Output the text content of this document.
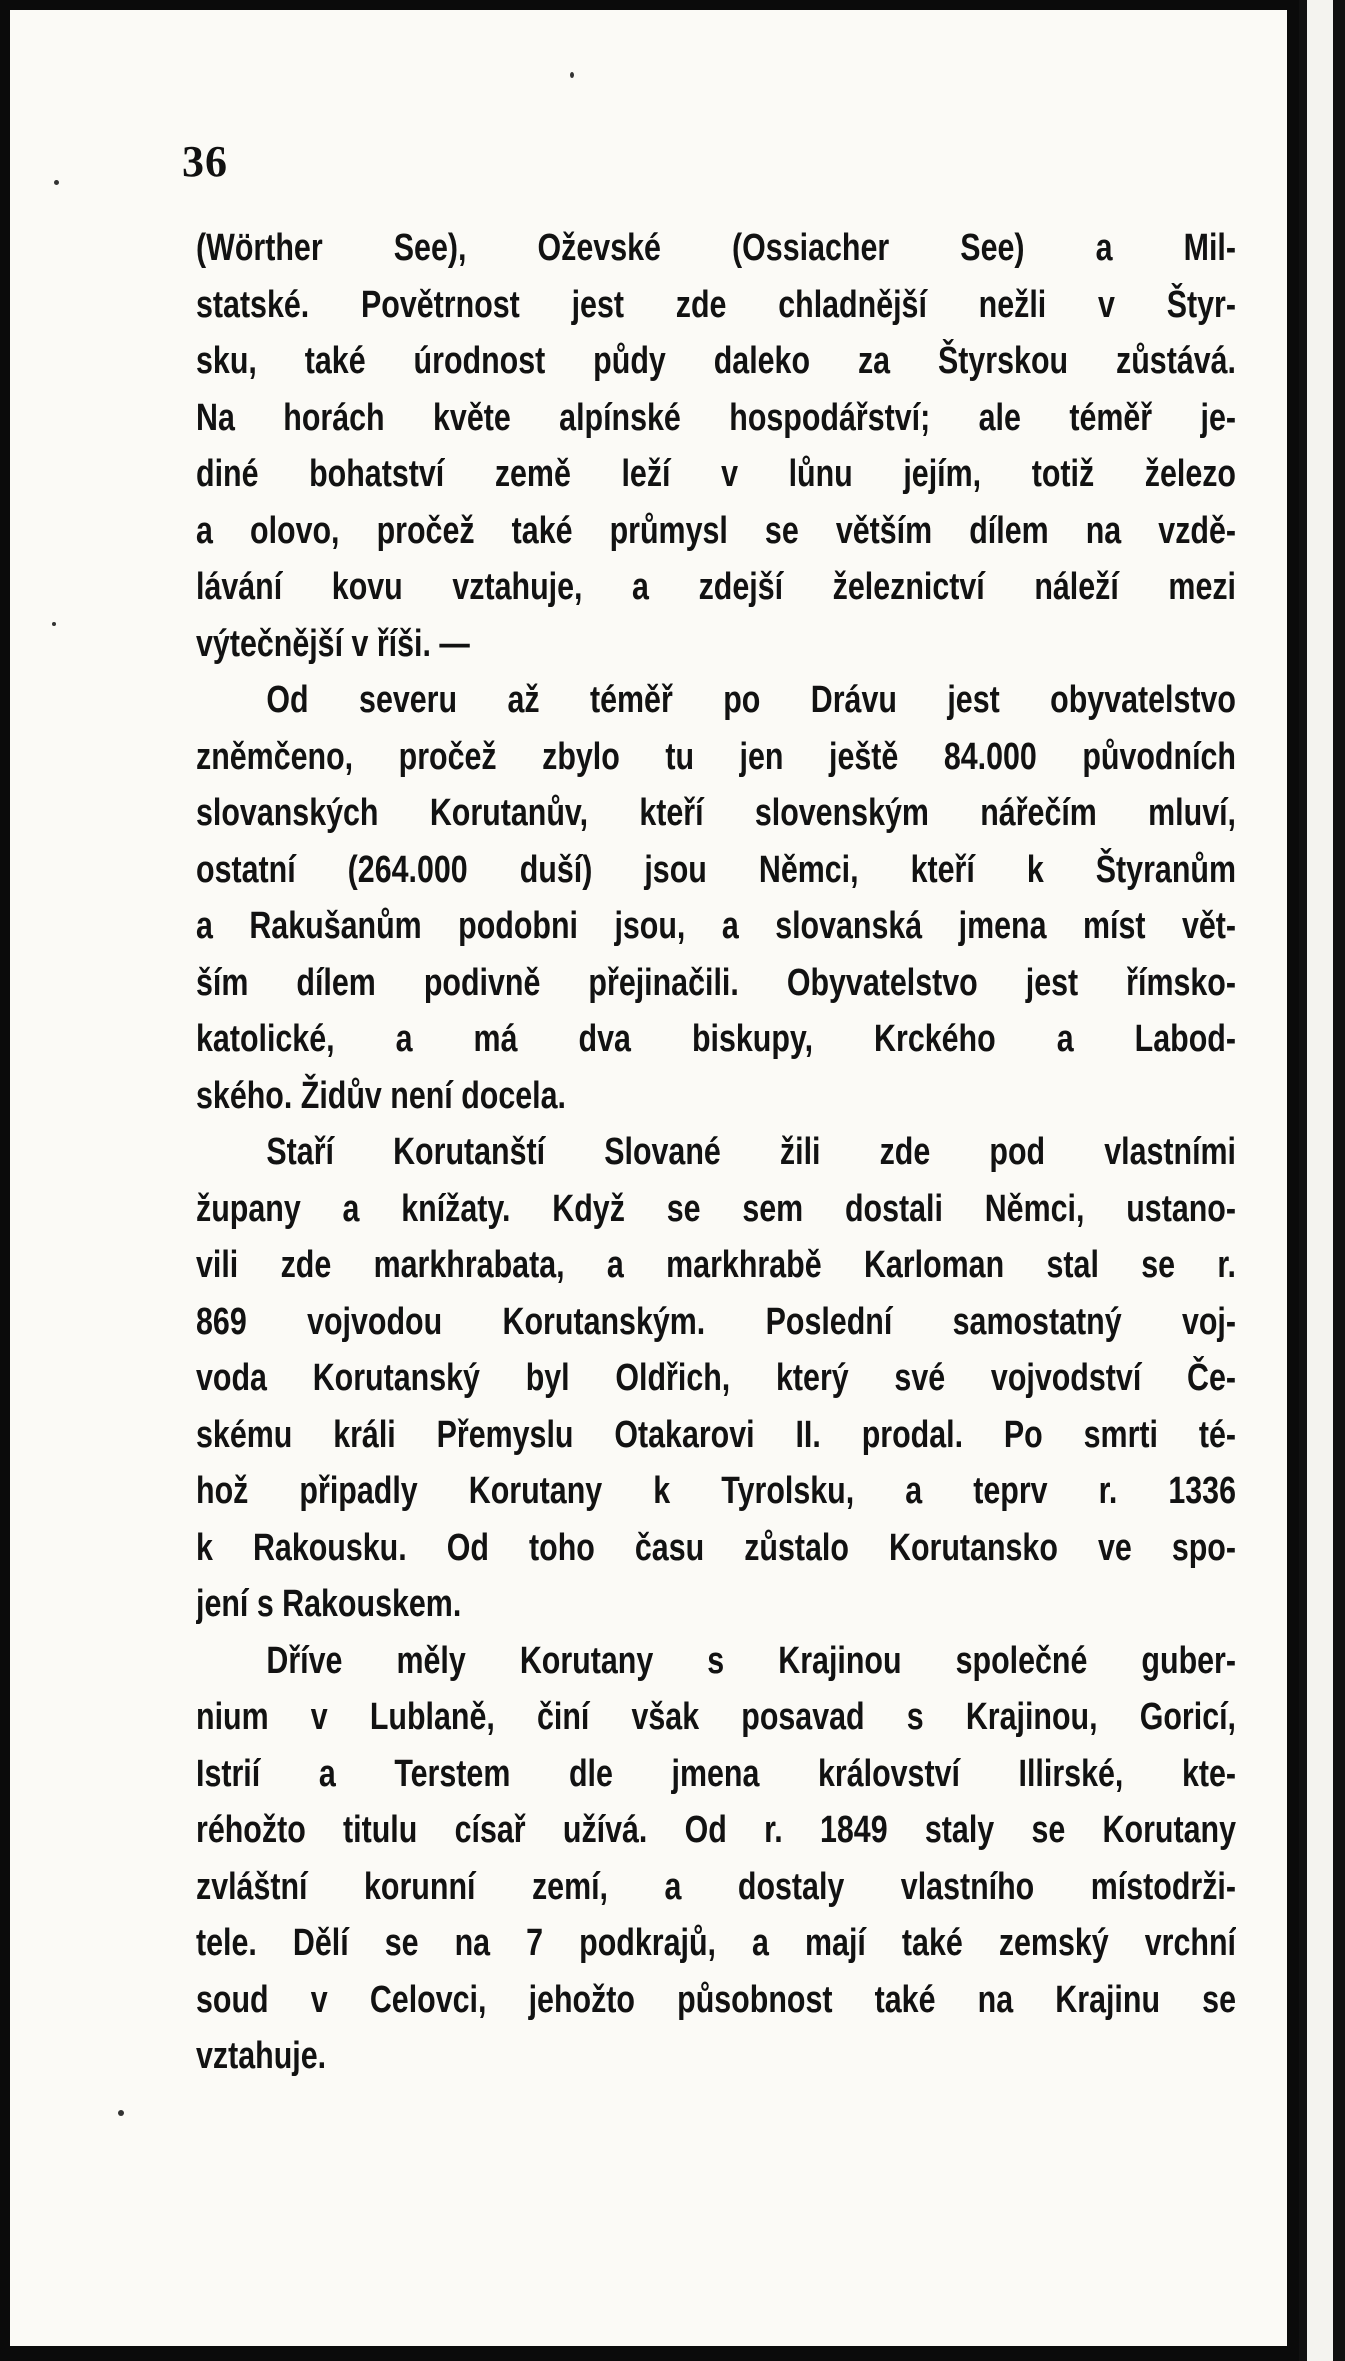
36
(Wörther See), Oževské (Ossiacher See) a Mil-
statské. Povětrnost jest zde chladnější nežli v Štyr-
sku, také úrodnost půdy daleko za Štyrskou zůstává.
Na horách květe alpínské hospodářství; ale téměř je-
diné bohatství země leží v lůnu jejím, totiž železo
a olovo, pročež také průmysl se větším dílem na vzdě-
lávání kovu vztahuje, a zdejší železnictví náleží mezi
výtečnější v říši. —
Od severu až téměř po Drávu jest obyvatelstvo
zněmčeno, pročež zbylo tu jen ještě 84.000 původních
slovanských Korutanův, kteří slovenským nářečím mluví,
ostatní (264.000 duší) jsou Němci, kteří k Štyranům
a Rakušanům podobni jsou, a slovanská jmena míst vět-
ším dílem podivně přejinačili. Obyvatelstvo jest římsko-
katolické, a má dva biskupy, Krckého a Labod-
ského. Židův není docela.
Staří Korutanští Slované žili zde pod vlastními
župany a knížaty. Když se sem dostali Němci, ustano-
vili zde markhrabata, a markhrabě Karloman stal se r.
869 vojvodou Korutanským. Poslední samostatný voj-
voda Korutanský byl Oldřich, který své vojvodství Če-
skému králi Přemyslu Otakarovi II. prodal. Po smrti té-
hož připadly Korutany k Tyrolsku, a teprv r. 1336
k Rakousku. Od toho času zůstalo Korutansko ve spo-
jení s Rakouskem.
Dříve měly Korutany s Krajinou společné guber-
nium v Lublaně, činí však posavad s Krajinou, Goricí,
Istrií a Terstem dle jmena království Illirské, kte-
réhožto titulu císař užívá. Od r. 1849 staly se Korutany
zvláštní korunní zemí, a dostaly vlastního místodrži-
tele. Dělí se na 7 podkrajů, a mají také zemský vrchní
soud v Celovci, jehožto působnost také na Krajinu se
vztahuje.
